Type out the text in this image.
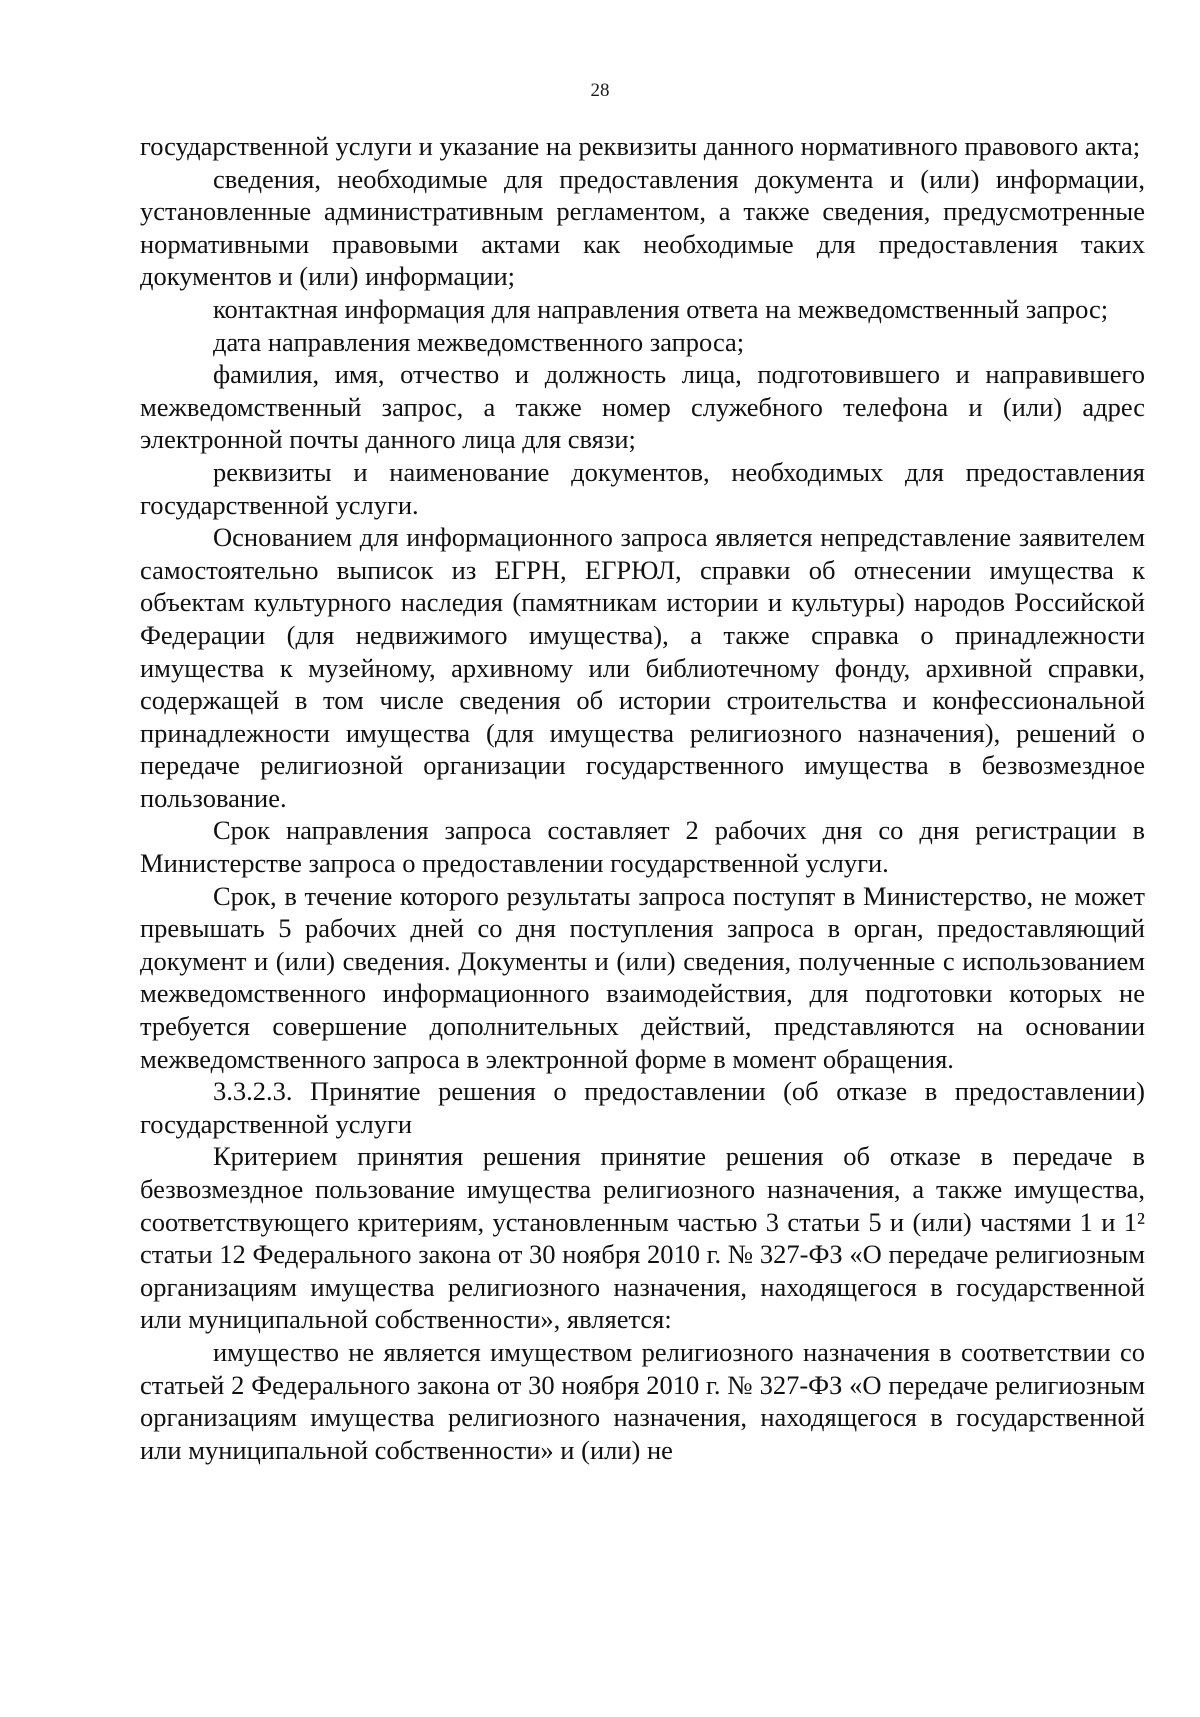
28

государственной услуги и указание на реквизиты данного нормативного правового акта;

сведения, необходимые для предоставления документа и (или) информации, установленные административным регламентом, а также сведения, предусмотренные нормативными правовыми актами как необходимые для предоставления таких документов и (или) информации;

контактная информация для направления ответа на межведомственный запрос;

дата направления межведомственного запроса;

фамилия, имя, отчество и должность лица, подготовившего и направившего межведомственный запрос, а также номер служебного телефона и (или) адрес электронной почты данного лица для связи;

реквизиты и наименование документов, необходимых для предоставления государственной услуги.

Основанием для информационного запроса является непредставление заявителем самостоятельно выписок из ЕГРН, ЕГРЮЛ, справки об отнесении имущества к объектам культурного наследия (памятникам истории и культуры) народов Российской Федерации (для недвижимого имущества), а также справка о принадлежности имущества к музейному, архивному или библиотечному фонду, архивной справки, содержащей в том числе сведения об истории строительства и конфессиональной принадлежности имущества (для имущества религиозного назначения), решений о передаче религиозной организации государственного имущества в безвозмездное пользование.

Срок направления запроса составляет 2 рабочих дня со дня регистрации в Министерстве запроса о предоставлении государственной услуги.

Срок, в течение которого результаты запроса поступят в Министерство, не может превышать 5 рабочих дней со дня поступления запроса в орган, предоставляющий документ и (или) сведения. Документы и (или) сведения, полученные с использованием межведомственного информационного взаимодействия, для подготовки которых не требуется совершение дополнительных действий, представляются на основании межведомственного запроса в электронной форме в момент обращения.

3.3.2.3. Принятие решения о предоставлении (об отказе в предоставлении) государственной услуги

Критерием принятия решения принятие решения об отказе в передаче в безвозмездное пользование имущества религиозного назначения, а также имущества, соответствующего критериям, установленным частью 3 статьи 5 и (или) частями 1 и 1² статьи 12 Федерального закона от 30 ноября 2010 г. № 327-ФЗ «О передаче религиозным организациям имущества религиозного назначения, находящегося в государственной или муниципальной собственности», является:

имущество не является имуществом религиозного назначения в соответствии со статьей 2 Федерального закона от 30 ноября 2010 г. № 327-ФЗ «О передаче религиозным организациям имущества религиозного назначения, находящегося в государственной или муниципальной собственности» и (или) не
